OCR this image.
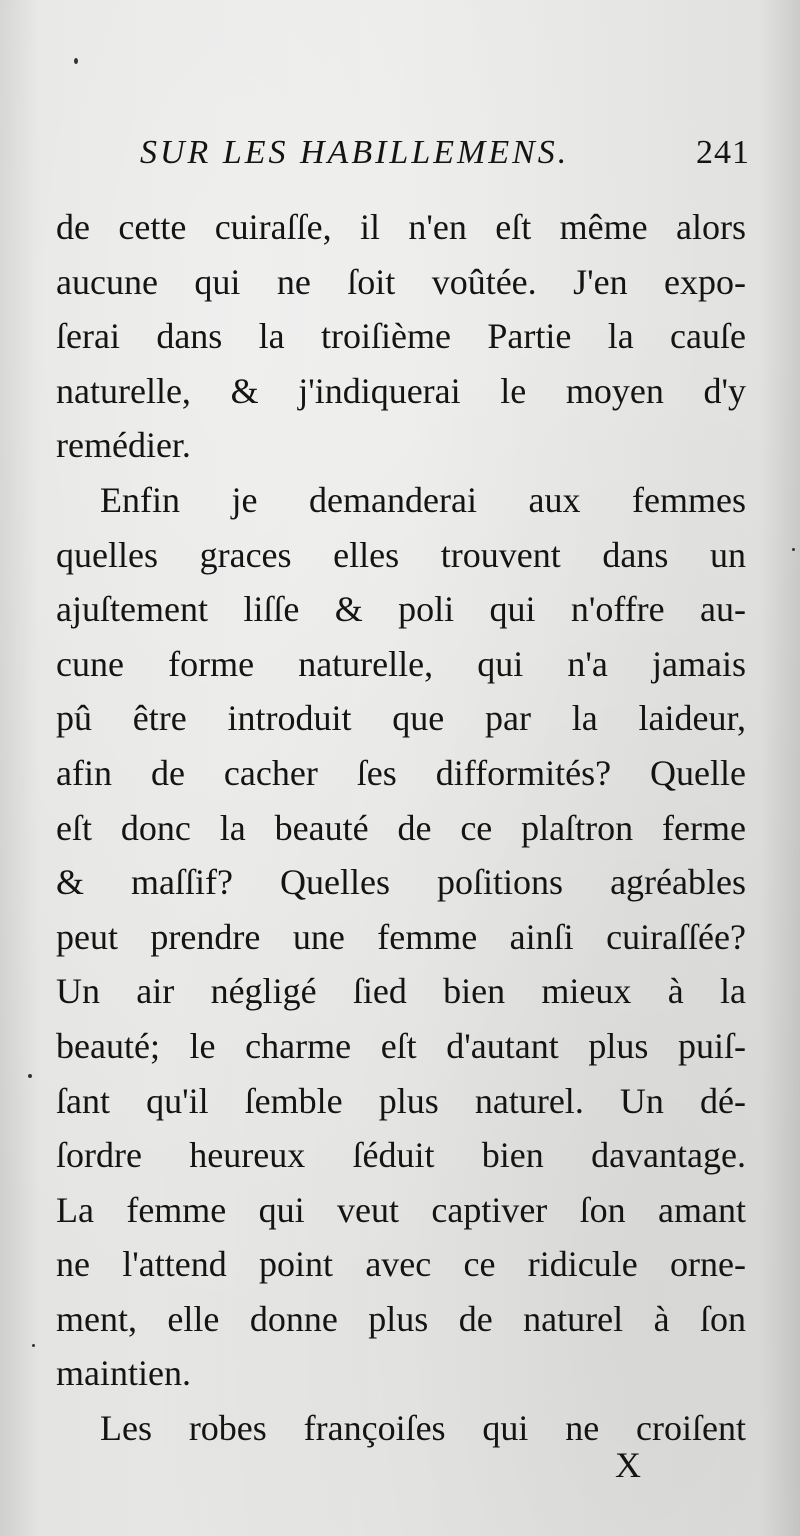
SUR LES HABILLEMENS.	241
de cette cuiraſſe, il n'en eſt même alors
aucune qui ne ſoit voûtée. J'en expo-
ſerai dans la troiſième Partie la cauſe
naturelle, & j'indiquerai le moyen d'y
remédier.
Enfin je demanderai aux femmes
quelles graces elles trouvent dans un
ajuſtement liſſe & poli qui n'offre au-
cune forme naturelle, qui n'a jamais
pû être introduit que par la laideur,
afin de cacher ſes difformités? Quelle
eſt donc la beauté de ce plaſtron ferme
& maſſif? Quelles poſitions agréables
peut prendre une femme ainſi cuiraſſée?
Un air négligé ſied bien mieux à la
beauté; le charme eſt d'autant plus puiſ-
ſant qu'il ſemble plus naturel. Un dé-
ſordre heureux ſéduit bien davantage.
La femme qui veut captiver ſon amant
ne l'attend point avec ce ridicule orne-
ment, elle donne plus de naturel à ſon
maintien.
Les robes françoiſes qui ne croiſent
X
